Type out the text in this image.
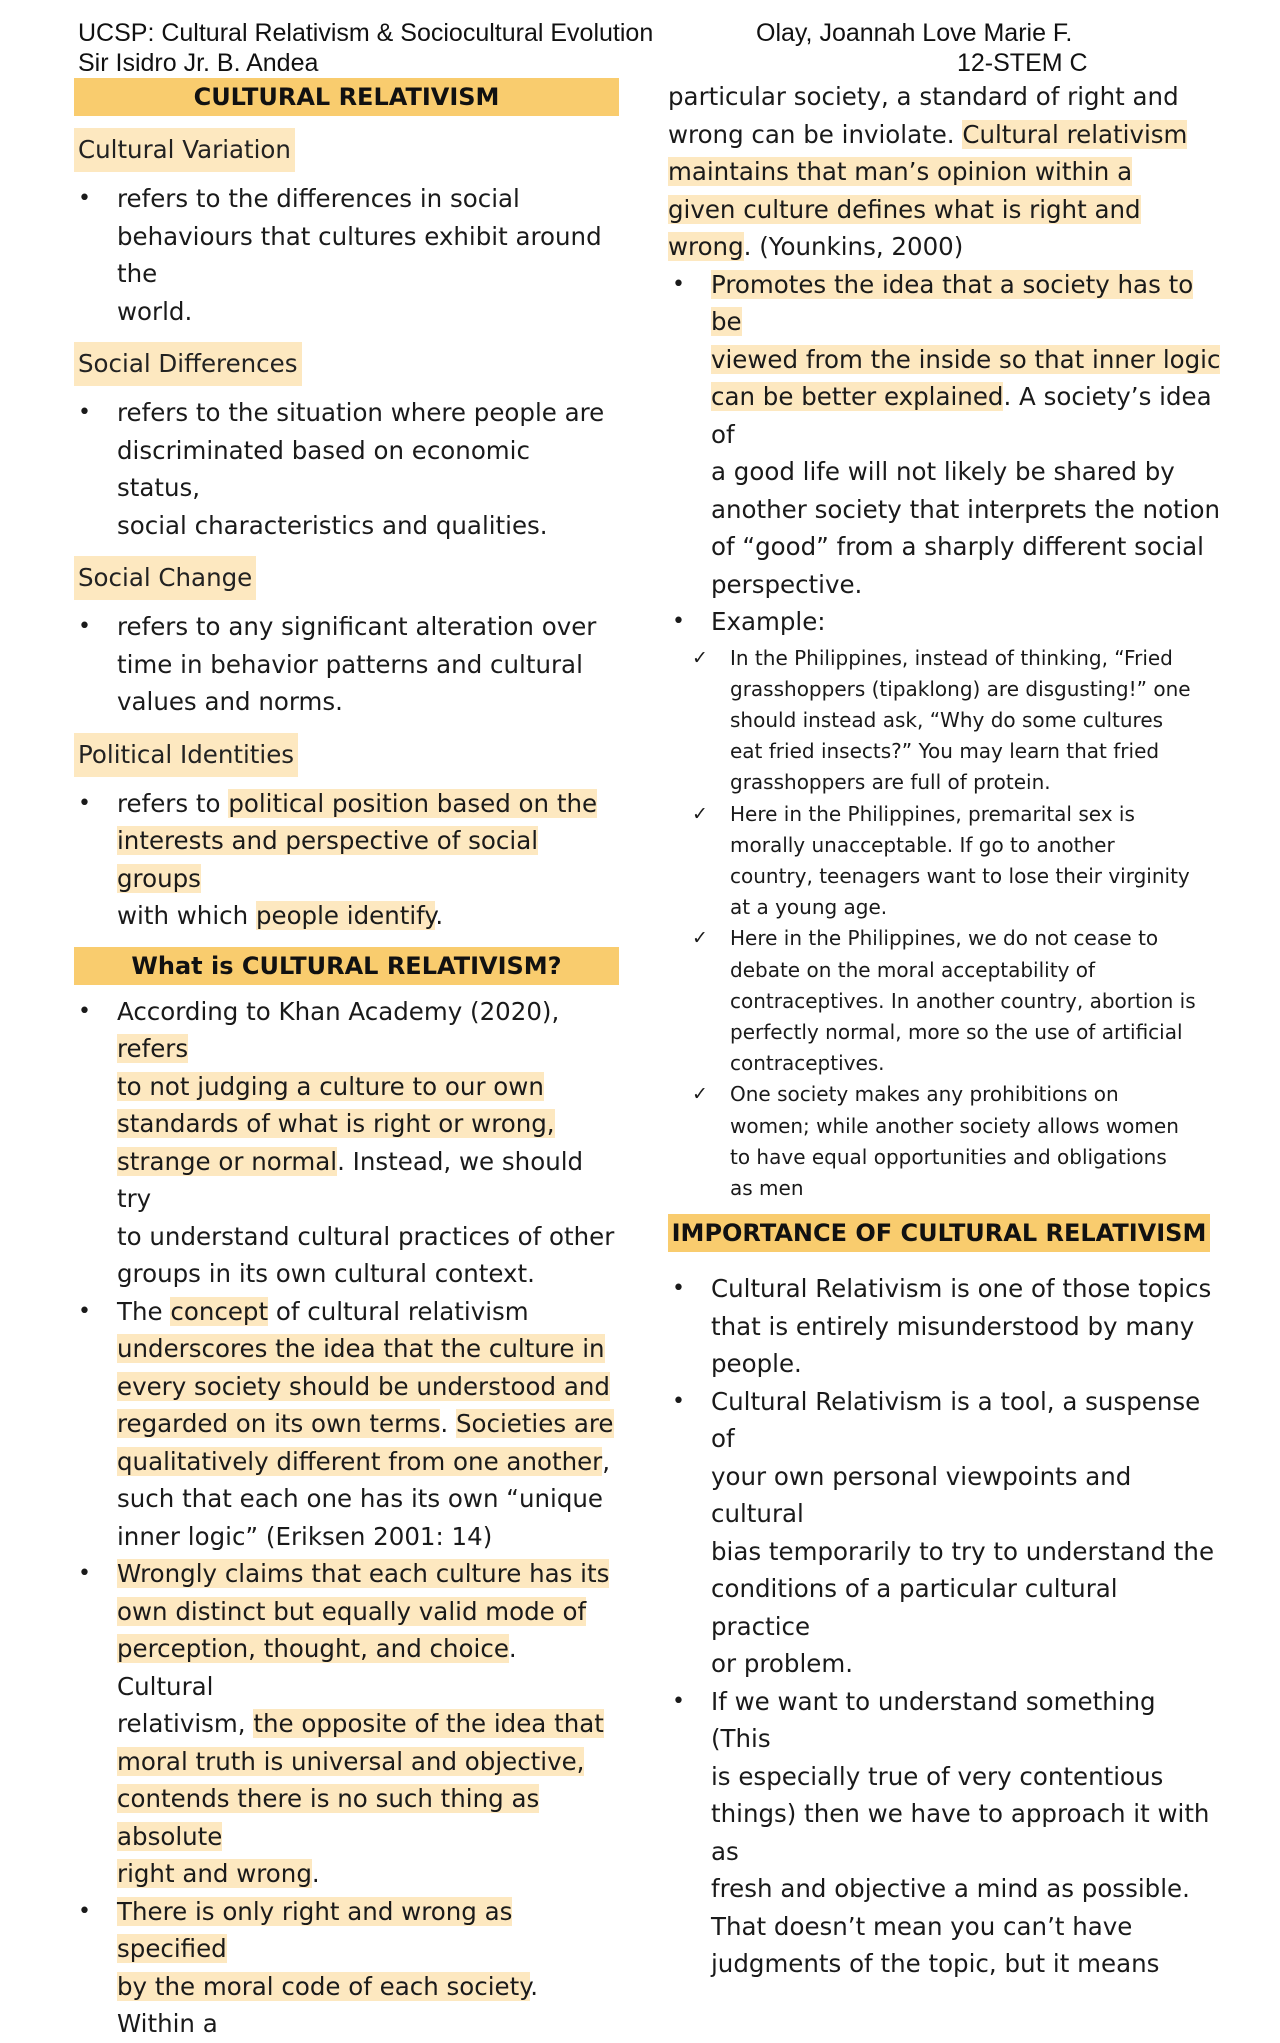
UCSP: Cultural Relativism & Sociocultural Evolution
Sir Isidro Jr. B. Andea
Olay, Joannah Love Marie F.
12-STEM C
CULTURAL RELATIVISM
Cultural Variation
• refers to the differences in social
behaviours that cultures exhibit around the
world.
Social Differences
• refers to the situation where people are
discriminated based on economic status,
social characteristics and qualities.
Social Change
• refers to any significant alteration over
time in behavior patterns and cultural
values and norms.
Political Identities
• refers to political position based on the
interests and perspective of social groups
with which people identify.
What is CULTURAL RELATIVISM?
• According to Khan Academy (2020), refers
to not judging a culture to our own
standards of what is right or wrong,
strange or normal. Instead, we should try
to understand cultural practices of other
groups in its own cultural context.
• The concept of cultural relativism
underscores the idea that the culture in
every society should be understood and
regarded on its own terms. Societies are
qualitatively different from one another,
such that each one has its own “unique
inner logic” (Eriksen 2001: 14)
• Wrongly claims that each culture has its
own distinct but equally valid mode of
perception, thought, and choice. Cultural
relativism, the opposite of the idea that
moral truth is universal and objective,
contends there is no such thing as absolute
right and wrong.
• There is only right and wrong as specified
by the moral code of each society. Within a
particular society, a standard of right and
wrong can be inviolate. Cultural relativism
maintains that man’s opinion within a
given culture defines what is right and
wrong. (Younkins, 2000)
• Promotes the idea that a society has to be
viewed from the inside so that inner logic
can be better explained. A society’s idea of
a good life will not likely be shared by
another society that interprets the notion
of “good” from a sharply different social
perspective.
• Example:
✓ In the Philippines, instead of thinking, “Fried
grasshoppers (tipaklong) are disgusting!” one
should instead ask, “Why do some cultures
eat fried insects?” You may learn that fried
grasshoppers are full of protein.
✓ Here in the Philippines, premarital sex is
morally unacceptable. If go to another
country, teenagers want to lose their virginity
at a young age.
✓ Here in the Philippines, we do not cease to
debate on the moral acceptability of
contraceptives. In another country, abortion is
perfectly normal, more so the use of artificial
contraceptives.
✓ One society makes any prohibitions on
women; while another society allows women
to have equal opportunities and obligations
as men
IMPORTANCE OF CULTURAL RELATIVISM
• Cultural Relativism is one of those topics
that is entirely misunderstood by many
people.
• Cultural Relativism is a tool, a suspense of
your own personal viewpoints and cultural
bias temporarily to try to understand the
conditions of a particular cultural practice
or problem.
• If we want to understand something (This
is especially true of very contentious
things) then we have to approach it with as
fresh and objective a mind as possible.
That doesn’t mean you can’t have
judgments of the topic, but it means
